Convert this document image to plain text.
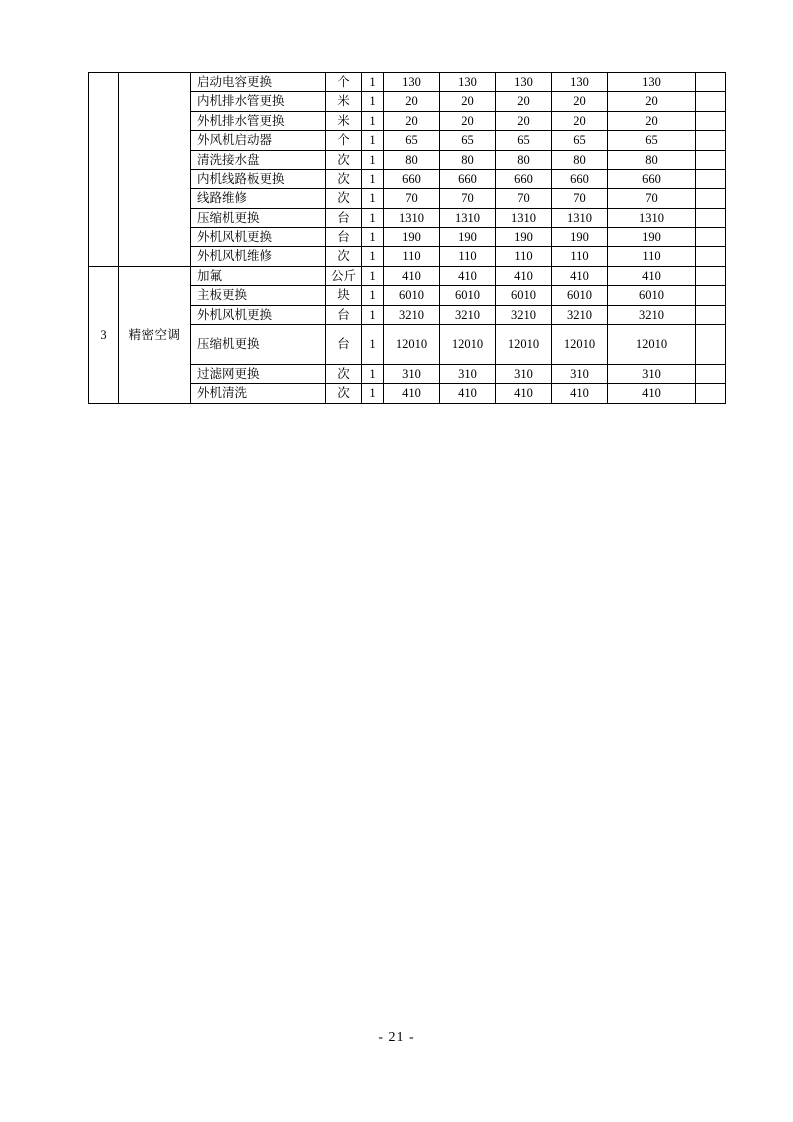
		启动电容更换	个	1	130	130	130	130	130	
		内机排水管更换	米	1	20	20	20	20	20	
		外机排水管更换	米	1	20	20	20	20	20	
		外风机启动器	个	1	65	65	65	65	65	
		清洗接水盘	次	1	80	80	80	80	80	
		内机线路板更换	次	1	660	660	660	660	660	
		线路维修	次	1	70	70	70	70	70	
		压缩机更换	台	1	1310	1310	1310	1310	1310	
		外机风机更换	台	1	190	190	190	190	190	
		外机风机维修	次	1	110	110	110	110	110	
3	精密空调	加氟	公斤	1	410	410	410	410	410	
		主板更换	块	1	6010	6010	6010	6010	6010	
		外机风机更换	台	1	3210	3210	3210	3210	3210	
		压缩机更换	台	1	12010	12010	12010	12010	12010	
		过滤网更换	次	1	310	310	310	310	310	
		外机清洗	次	1	410	410	410	410	410	
- 21 -
